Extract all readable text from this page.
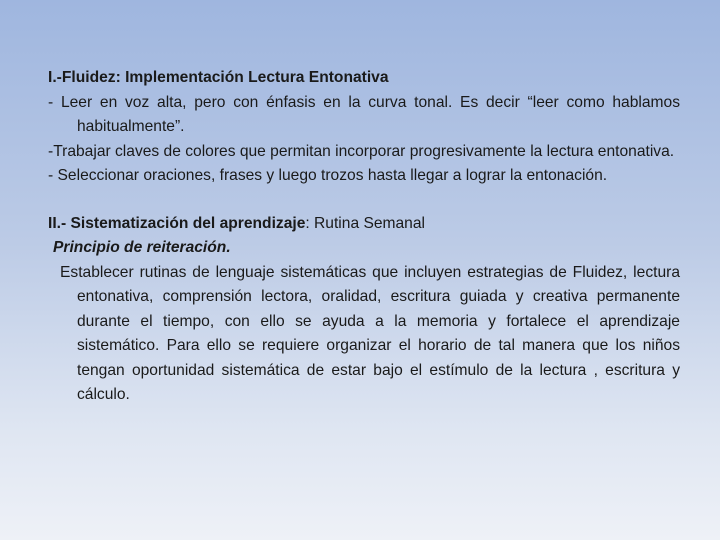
I.-Fluidez: Implementación Lectura Entonativa

- Leer en voz alta, pero con énfasis en la curva tonal. Es decir “leer como hablamos habitualmente”.

-Trabajar claves de colores que permitan incorporar progresivamente la lectura entonativa.

- Seleccionar oraciones, frases y luego trozos hasta llegar a lograr la entonación.

II.- Sistematización del aprendizaje: Rutina Semanal

Principio de reiteración.

Establecer rutinas de lenguaje sistemáticas que incluyen estrategias de Fluidez, lectura entonativa, comprensión lectora, oralidad, escritura guiada y creativa permanente durante el tiempo, con ello se ayuda a la memoria y fortalece el aprendizaje sistemático. Para ello se requiere organizar el horario de tal manera que los niños tengan oportunidad sistemática de estar bajo el estímulo de la lectura , escritura y cálculo.
